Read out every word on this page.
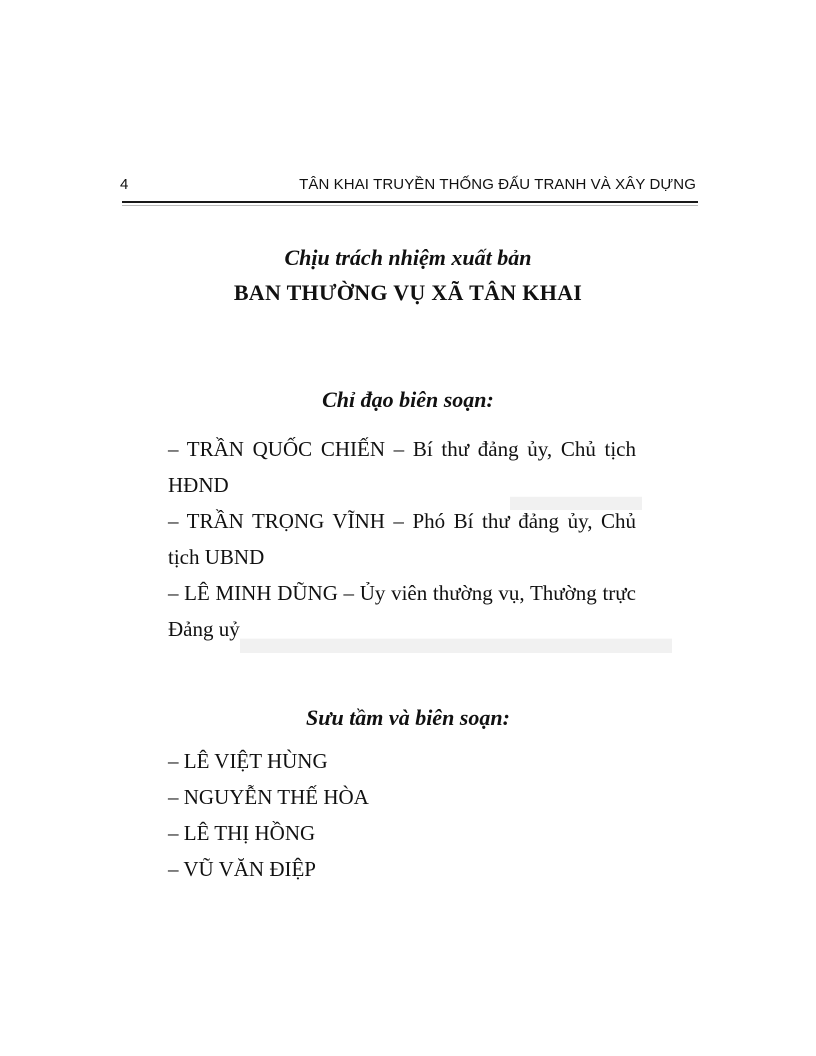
▬▬▬
▬▬▬▬▬▬▬▬▬
4	TÂN KHAI TRUYỀN THỐNG ĐẤU TRANH VÀ XÂY DỰNG
Chịu trách nhiệm xuất bản
BAN THƯỜNG VỤ XÃ TÂN KHAI
Chỉ đạo biên soạn:
– TRẦN QUỐC CHIẾN – Bí thư đảng ủy, Chủ tịch HĐND
– TRẦN TRỌNG VĨNH – Phó Bí thư đảng ủy, Chủ tịch UBND
– LÊ MINH DŨNG – Ủy viên thường vụ, Thường trực Đảng uỷ
Sưu tầm và biên soạn:
– LÊ VIỆT HÙNG
– NGUYỄN THẾ HÒA
– LÊ THỊ HỒNG
– VŨ VĂN ĐIỆP
